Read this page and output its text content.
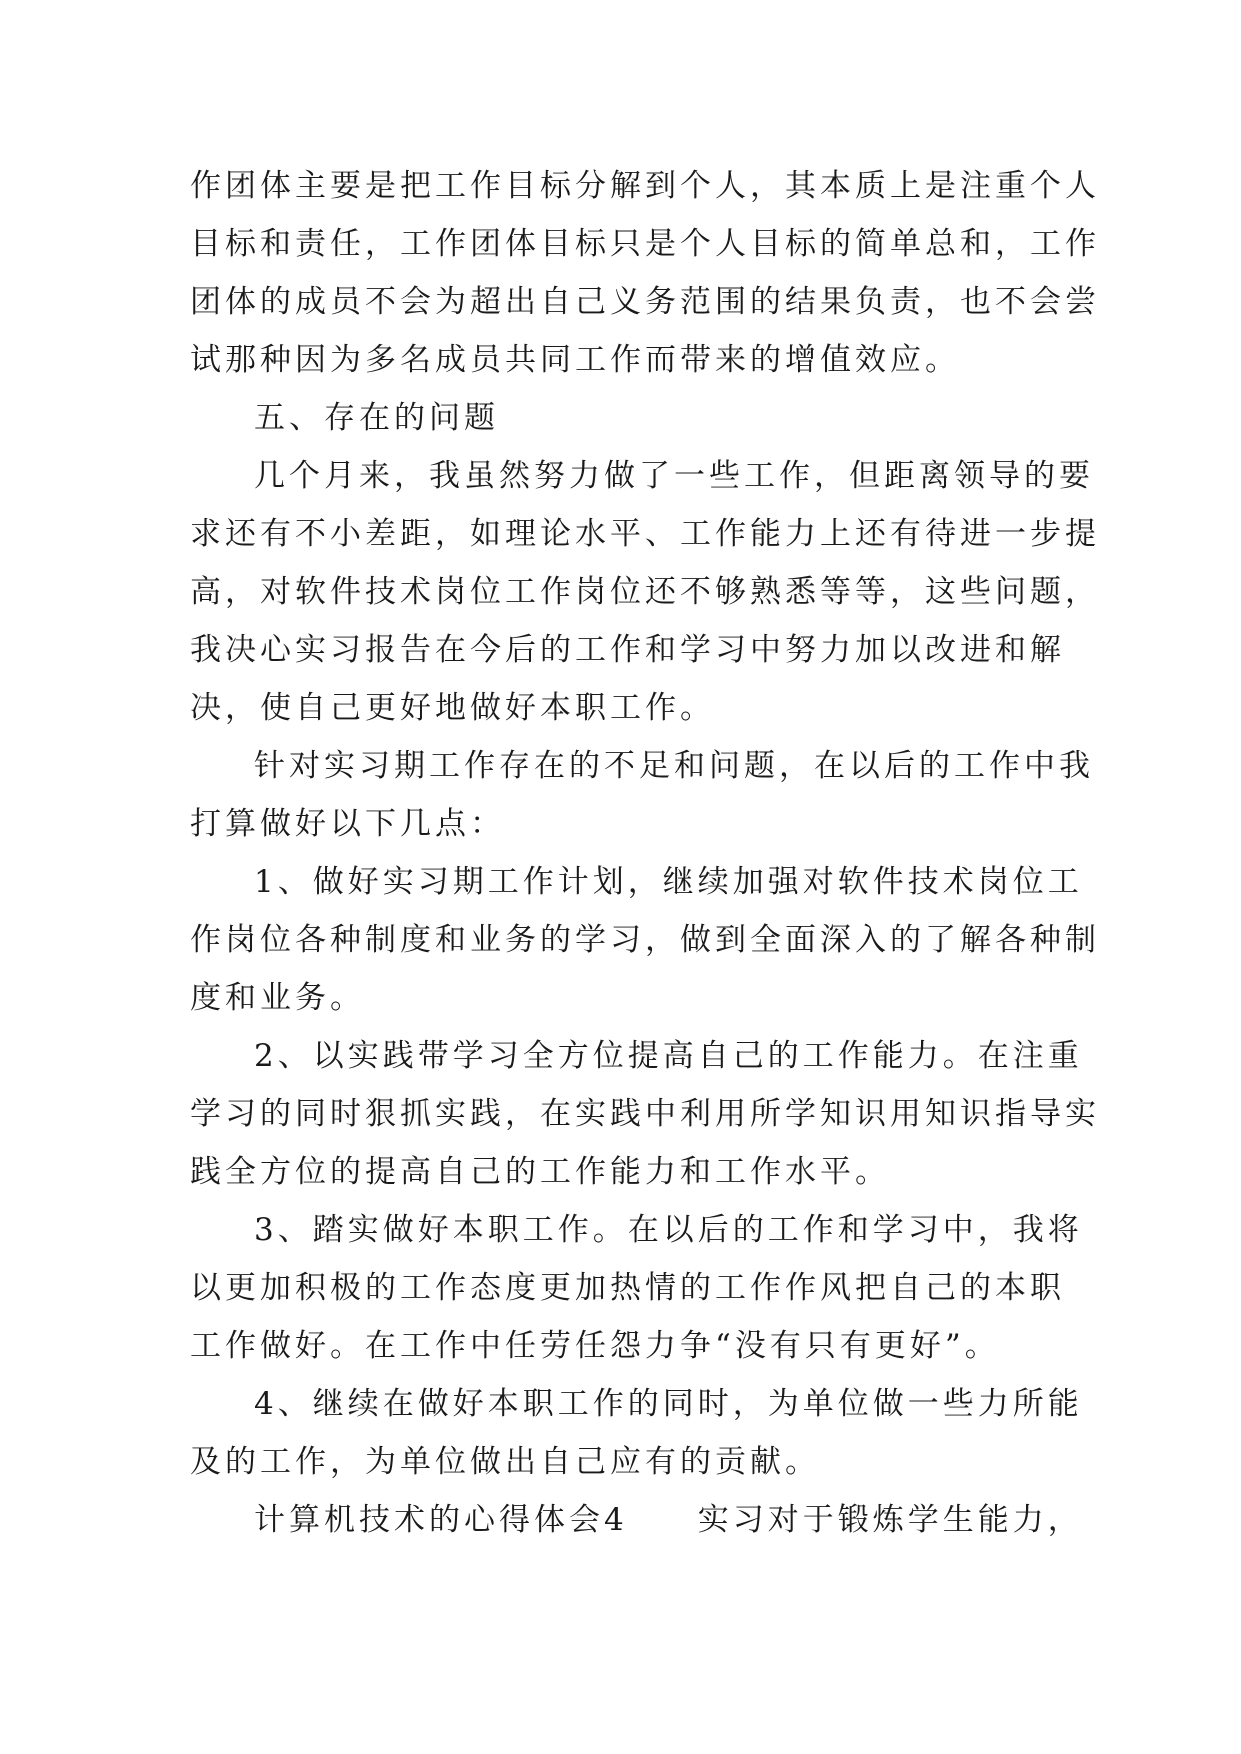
作团体主要是把工作目标分解到个人，其本质上是注重个人
目标和责任，工作团体目标只是个人目标的简单总和，工作
团体的成员不会为超出自己义务范围的结果负责，也不会尝
试那种因为多名成员共同工作而带来的增值效应。
五、存在的问题
几个月来，我虽然努力做了一些工作，但距离领导的要
求还有不小差距，如理论水平、工作能力上还有待进一步提
高，对软件技术岗位工作岗位还不够熟悉等等，这些问题，
我决心实习报告在今后的工作和学习中努力加以改进和解
决，使自己更好地做好本职工作。
针对实习期工作存在的不足和问题，在以后的工作中我
打算做好以下几点：
1、做好实习期工作计划，继续加强对软件技术岗位工
作岗位各种制度和业务的学习，做到全面深入的了解各种制
度和业务。
2、以实践带学习全方位提高自己的工作能力。在注重
学习的同时狠抓实践，在实践中利用所学知识用知识指导实
践全方位的提高自己的工作能力和工作水平。
3、踏实做好本职工作。在以后的工作和学习中，我将
以更加积极的工作态度更加热情的工作作风把自己的本职
工作做好。在工作中任劳任怨力争“没有只有更好”。
4、继续在做好本职工作的同时，为单位做一些力所能
及的工作，为单位做出自己应有的贡献。
计算机技术的心得体会4　　实习对于锻炼学生能力，
